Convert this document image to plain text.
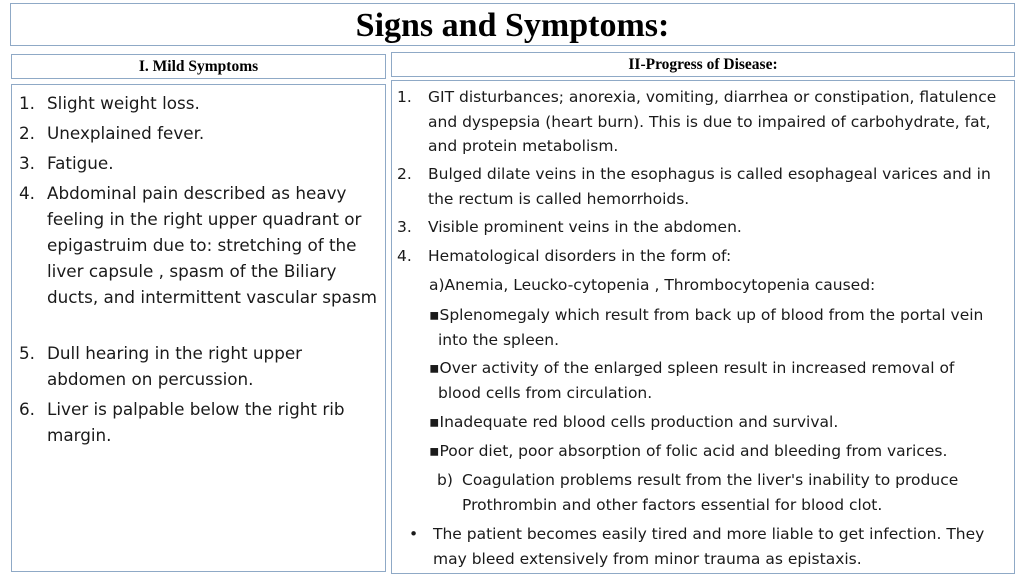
Signs and Symptoms:
I. Mild Symptoms	II-Progress of Disease:
1. Slight weight loss.
2. Unexplained fever.
3. Fatigue.
4. Abdominal pain described as heavy feeling in the right upper quadrant or epigastruim due to: stretching of the liver capsule , spasm of the Biliary ducts, and intermittent vascular spasm
5. Dull hearing in the right upper abdomen on percussion.
6. Liver is palpable below the right rib margin.
1. GIT disturbances; anorexia, vomiting, diarrhea or constipation, flatulence and dyspepsia (heart burn). This is due to impaired of carbohydrate, fat, and protein metabolism.
2. Bulged dilate veins in the esophagus is called esophageal varices and in the rectum is called hemorrhoids.
3. Visible prominent veins in the abdomen.
4. Hematological disorders in the form of:
a)Anemia, Leucko-cytopenia , Thrombocytopenia caused:
▪Splenomegaly which result from back up of blood from the portal vein into the spleen.
▪Over activity of the enlarged spleen result in increased removal of blood cells from circulation.
▪Inadequate red blood cells production and survival.
▪Poor diet, poor absorption of folic acid and bleeding from varices.
b) Coagulation problems result from the liver's inability to produce Prothrombin and other factors essential for blood clot.
• The patient becomes easily tired and more liable to get infection. They may bleed extensively from minor trauma as epistaxis.
